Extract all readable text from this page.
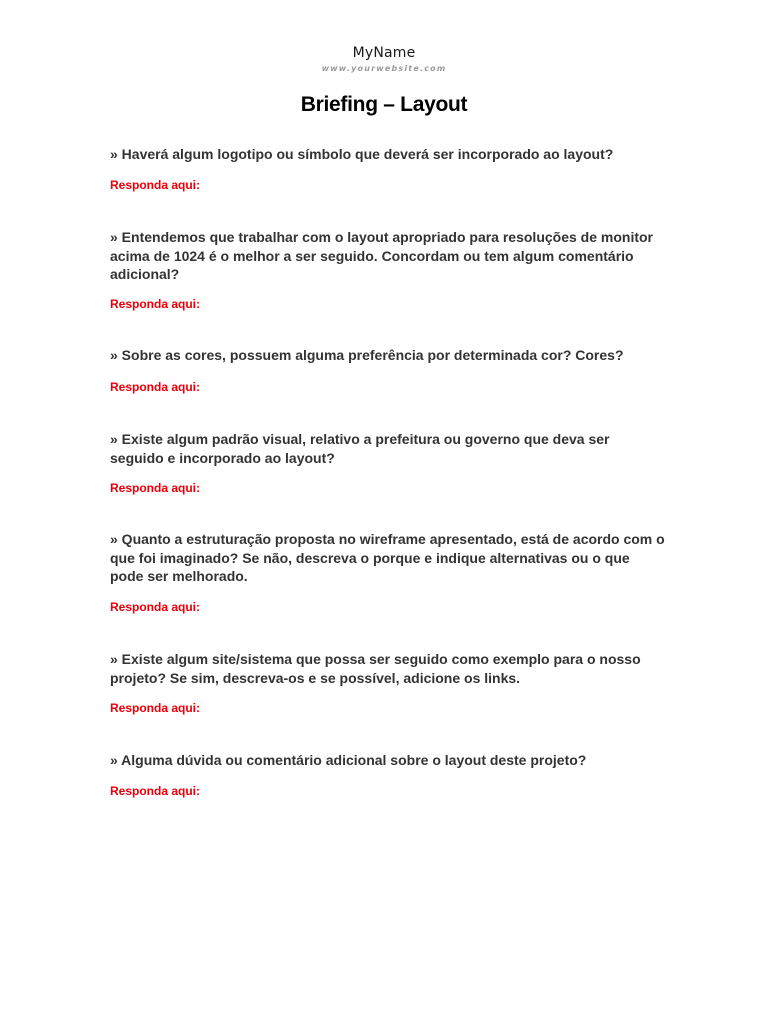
MyName
www.yourwebsite.com
Briefing – Layout
» Haverá algum logotipo ou símbolo que deverá ser incorporado ao layout?
Responda aqui:
» Entendemos que trabalhar com o layout apropriado para resoluções de monitor acima de 1024 é o melhor a ser seguido. Concordam ou tem algum comentário adicional?
Responda aqui:
» Sobre as cores, possuem alguma preferência por determinada cor? Cores?
Responda aqui:
» Existe algum padrão visual, relativo a prefeitura ou governo que deva ser seguido e incorporado ao layout?
Responda aqui:
» Quanto a estruturação proposta no wireframe apresentado, está de acordo com o que foi imaginado? Se não, descreva o porque e indique alternativas ou o que pode ser melhorado.
Responda aqui:
» Existe algum site/sistema que possa ser seguido como exemplo para o nosso projeto? Se sim, descreva-os e se possível, adicione os links.
Responda aqui:
» Alguma dúvida ou comentário adicional sobre o layout deste projeto?
Responda aqui:
